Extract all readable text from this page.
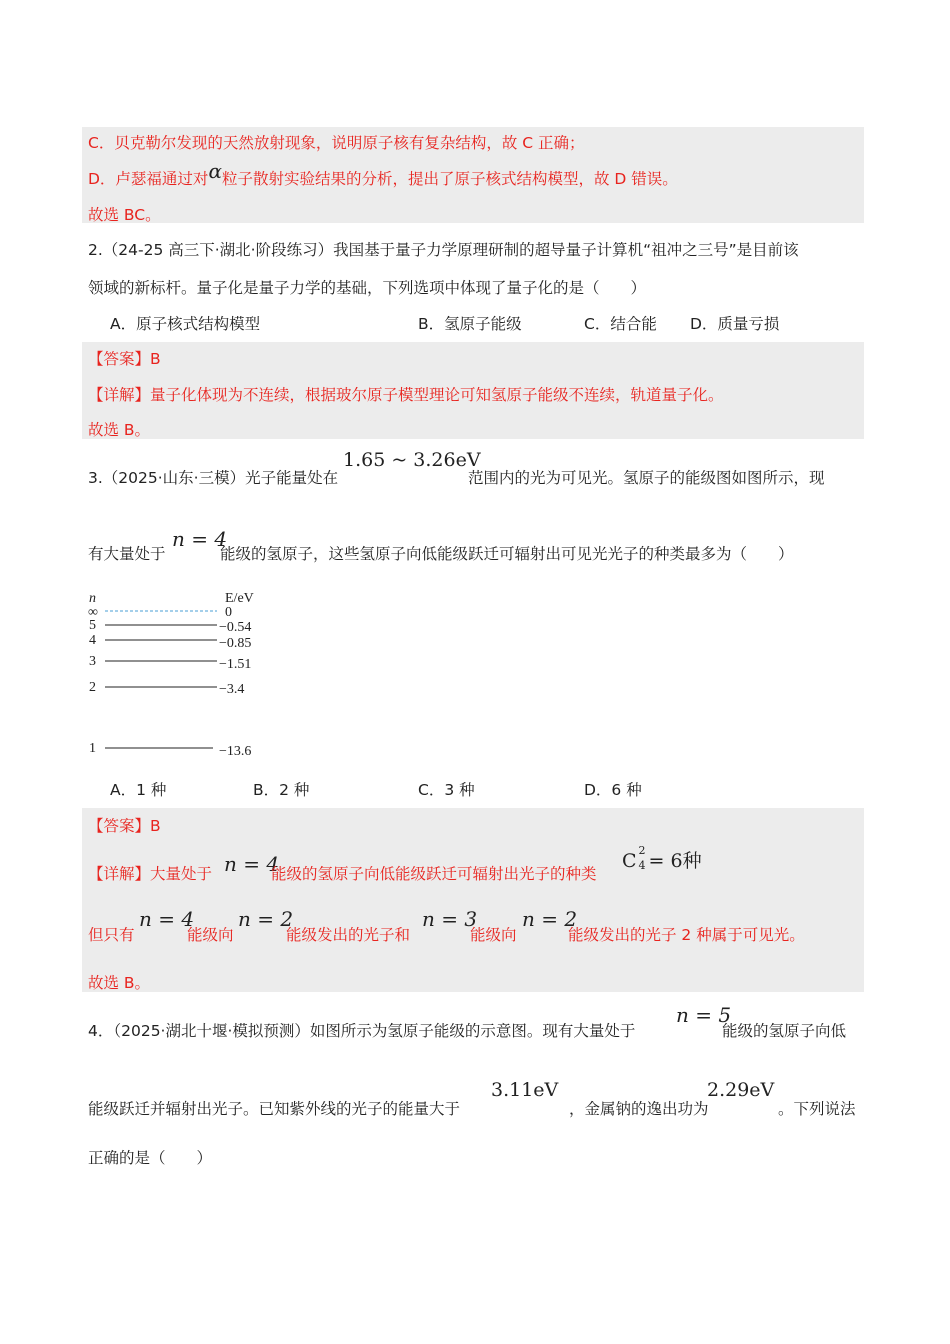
C．贝克勒尔发现的天然放射现象，说明原子核有复杂结构，故 C 正确；
D．卢瑟福通过对α粒子散射实验结果的分析，提出了原子核式结构模型，故 D 错误。
故选 BC。
2.（24-25 高三下·湖北·阶段练习）我国基于量子力学原理研制的超导量子计算机“祖冲之三号”是目前该
领域的新标杆。量子化是量子力学的基础，下列选项中体现了量子化的是（　　）
A．原子核式结构模型	B．氢原子能级	C．结合能 D．质量亏损
【答案】B
【详解】量子化体现为不连续，根据玻尔原子模型理论可知氢原子能级不连续，轨道量子化。
故选 B。
3.（2025·山东·三模）光子能量处在
1.65 ~ 3.26eV
范围内的光为可见光。氢原子的能级图如图所示，现
有大量处于
n = 4
能级的氢原子，这些氢原子向低能级跃迁可辐射出可见光光子的种类最多为（　　）
n	E/eV
∞	0
5	−0.54
4	−0.85
3	−1.51
2	−3.4
1	−13.6
A．1 种	B．2 种	C．3 种	D．6 种
【答案】B
【详解】大量处于 n = 4
能级的氢原子向低能级跃迁可辐射出光子的种类
C 2
4 = 6种
但只有
n = 4
能级向
n = 2
能级发出的光子和
n = 3
能级向
n = 2
能级发出的光子 2 种属于可见光。
故选 B。
4．（2025·湖北十堰·模拟预测）如图所示为氢原子能级的示意图。现有大量处于
n = 5
能级的氢原子向低
能级跃迁并辐射出光子。已知紫外线的光子的能量大于
3.11eV
，金属钠的逸出功为
2.29eV
。下列说法
正确的是（　　）
